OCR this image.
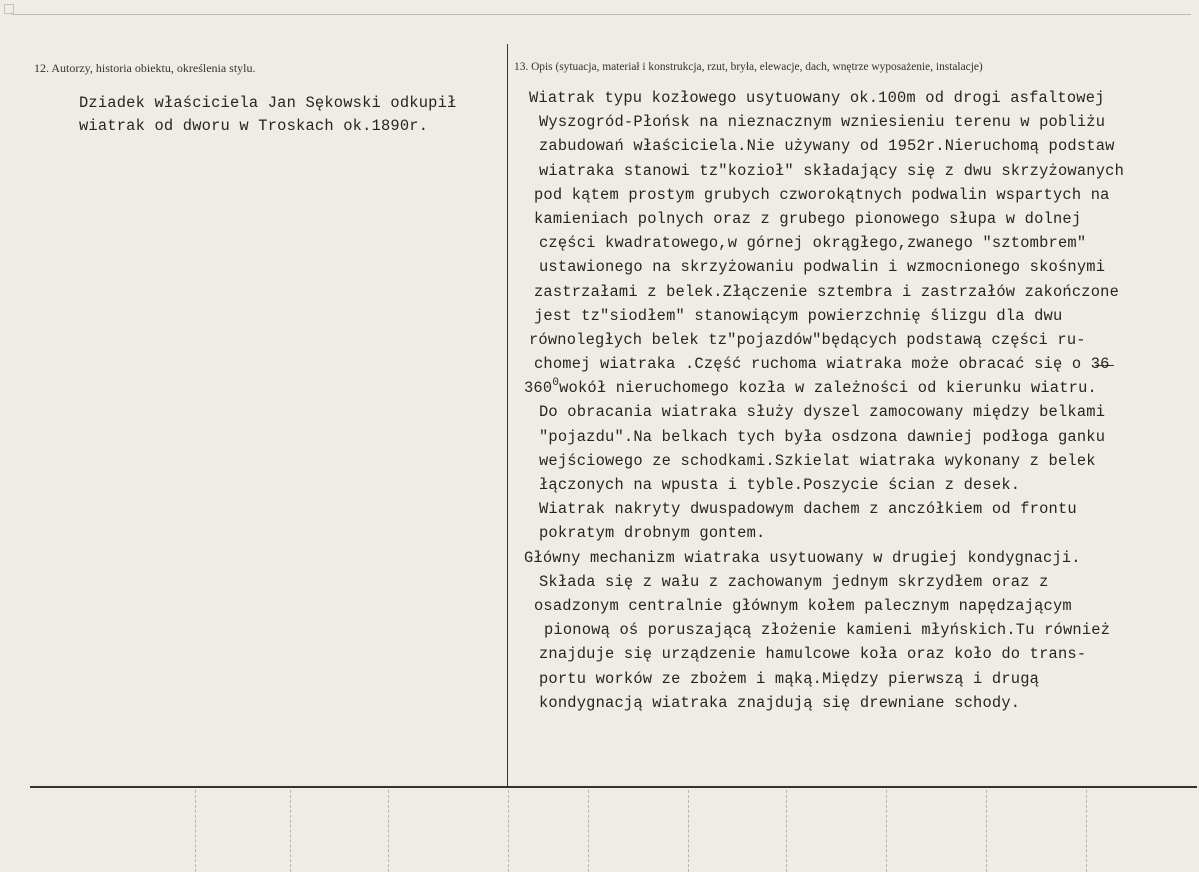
12. Autorzy, historia obiektu, określenia stylu.	13. Opis (sytuacja, materiał i konstrukcja, rzut, bryła, elewacje, dach, wnętrze wyposażenie, instalacje)
Dziadek właściciela Jan Sękowski odkupił
wiatrak od dworu w Troskach ok.1890r.
Wiatrak typu kozłowego usytuowany ok.100m od drogi asfaltowej
Wyszogród-Płońsk na nieznacznym wzniesieniu terenu w pobliżu
zabudowań właściciela.Nie używany od 1952r.Nieruchomą podstaw
wiatraka stanowi tz"kozioł" składający się z dwu skrzyżowanych
pod kątem prostym grubych czworokątnych podwalin wspartych na
kamieniach polnych oraz z grubego pionowego słupa w dolnej
części kwadratowego,w górnej okrągłego,zwanego "sztombrem"
ustawionego na skrzyżowaniu podwalin i wzmocnionego skośnymi
zastrzałami z belek.Złączenie sztembra i zastrzałów zakończone
jest tz"siodłem" stanowiącym powierzchnię ślizgu dla dwu
równoległych belek tz"pojazdów"będących podstawą części ru-
chomej wiatraka .Część ruchoma wiatraka może obracać się o 3̶6̶
$360^0wokół$ nieruchomego kozła w zależności od kierunku wiatru.
Do obracania wiatraka służy dyszel zamocowany między belkami
"pojazdu".Na belkach tych była osdzona dawniej podłoga ganku
wejściowego ze schodkami.Szkielat wiatraka wykonany z belek
łączonych na wpusta i tyble.Poszycie ścian z desek.
Wiatrak nakryty dwuspadowym dachem z anczółkiem od frontu
pokratym drobnym gontem.
Główny mechanizm wiatraka usytuowany w drugiej kondygnacji.
Składa się z wału z zachowanym jednym skrzydłem oraz z
osadzonym centralnie głównym kołem palecznym napędzającym
pionową oś poruszającą złożenie kamieni młyńskich.Tu również
znajduje się urządzenie hamulcowe koła oraz koło do trans-
portu worków ze zbożem i mąką.Między pierwszą i drugą
kondygnacją wiatraka znajdują się drewniane schody.
